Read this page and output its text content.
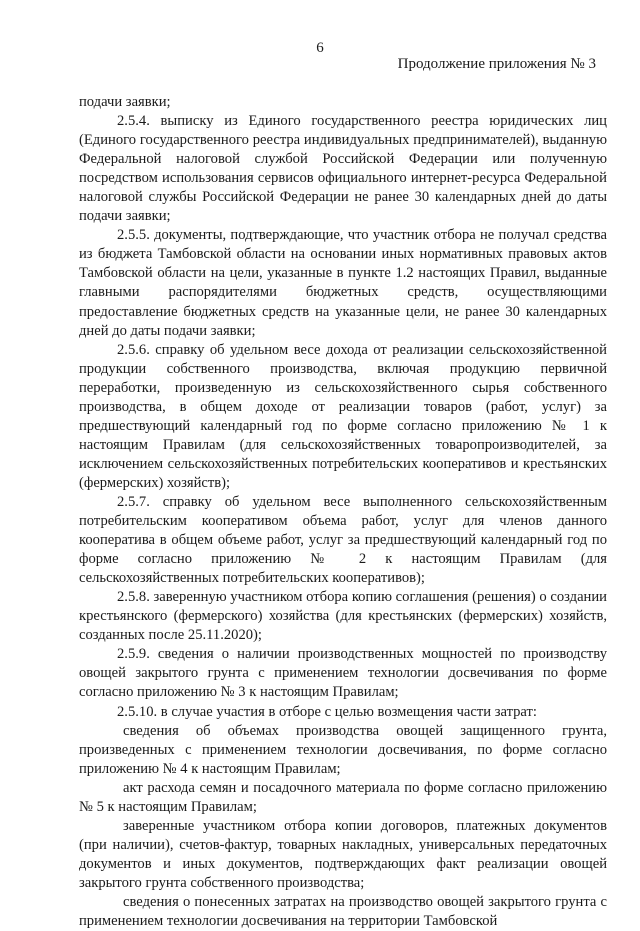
6
Продолжение приложения № 3

подачи заявки;

2.5.4. выписку из Единого государственного реестра юридических лиц (Единого государственного реестра индивидуальных предпринимателей), выданную Федеральной налоговой службой Российской Федерации или полученную посредством использования сервисов официального интернет-ресурса Федеральной налоговой службы Российской Федерации не ранее 30 календарных дней до даты подачи заявки;

2.5.5. документы, подтверждающие, что участник отбора не получал средства из бюджета Тамбовской области на основании иных нормативных правовых актов Тамбовской области на цели, указанные в пункте 1.2 настоящих Правил, выданные главными распорядителями бюджетных средств, осуществляющими предоставление бюджетных средств на указанные цели, не ранее 30 календарных дней до даты подачи заявки;

2.5.6. справку об удельном весе дохода от реализации сельскохозяйственной продукции собственного производства, включая продукцию первичной переработки, произведенную из сельскохозяйственного сырья собственного производства, в общем доходе от реализации товаров (работ, услуг) за предшествующий календарный год по форме согласно приложению № 1 к настоящим Правилам (для сельскохозяйственных товаропроизводителей, за исключением сельскохозяйственных потребительских кооперативов и крестьянских (фермерских) хозяйств);

2.5.7. справку об удельном весе выполненного сельскохозяйственным потребительским кооперативом объема работ, услуг для членов данного кооператива в общем объеме работ, услуг за предшествующий календарный год по форме согласно приложению № 2 к настоящим Правилам (для сельскохозяйственных потребительских кооперативов);

2.5.8. заверенную участником отбора копию соглашения (решения) о создании крестьянского (фермерского) хозяйства (для крестьянских (фермерских) хозяйств, созданных после 25.11.2020);

2.5.9. сведения о наличии производственных мощностей по производству овощей закрытого грунта с применением технологии досвечивания по форме согласно приложению № 3 к настоящим Правилам;

2.5.10. в случае участия в отборе с целью возмещения части затрат:

сведения об объемах производства овощей защищенного грунта, произведенных с применением технологии досвечивания, по форме согласно приложению № 4 к настоящим Правилам;

акт расхода семян и посадочного материала по форме согласно приложению № 5 к настоящим Правилам;

заверенные участником отбора копии договоров, платежных документов (при наличии), счетов-фактур, товарных накладных, универсальных передаточных документов и иных документов, подтверждающих факт реализации овощей закрытого грунта собственного производства;

сведения о понесенных затратах на производство овощей закрытого грунта с применением технологии досвечивания на территории Тамбовской
